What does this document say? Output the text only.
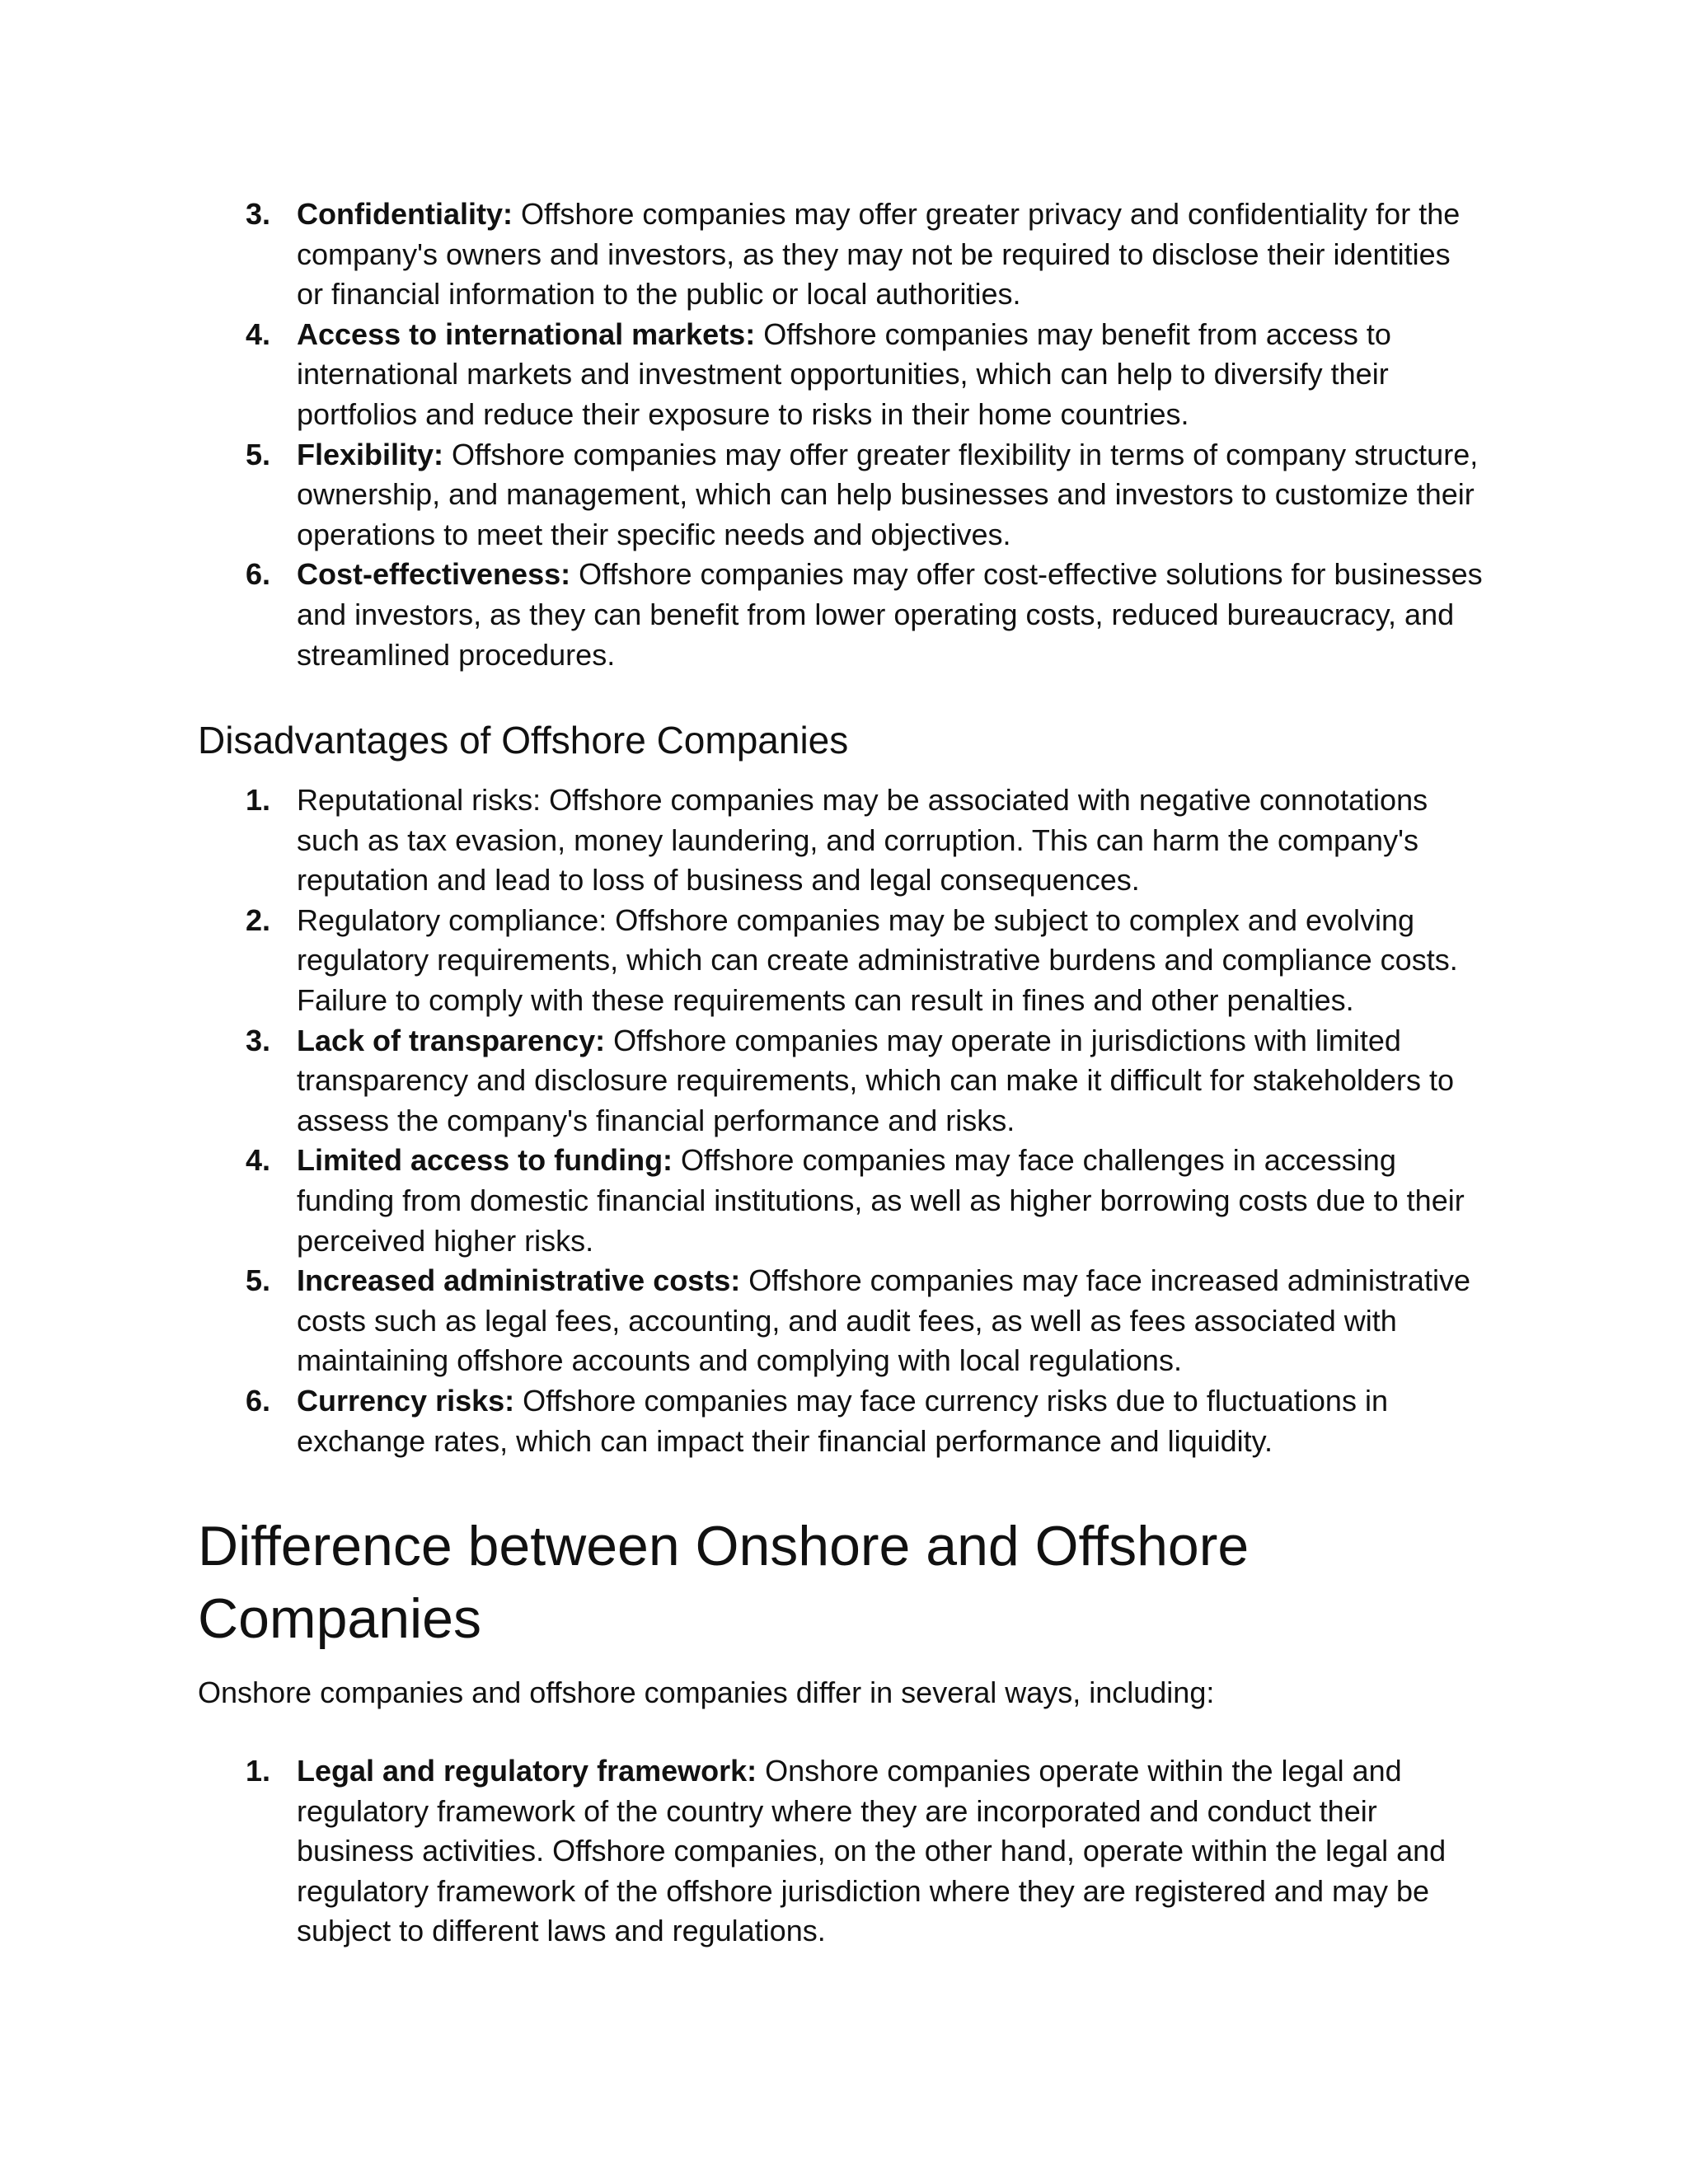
3. Confidentiality: Offshore companies may offer greater privacy and confidentiality for the company's owners and investors, as they may not be required to disclose their identities or financial information to the public or local authorities.
4. Access to international markets: Offshore companies may benefit from access to international markets and investment opportunities, which can help to diversify their portfolios and reduce their exposure to risks in their home countries.
5. Flexibility: Offshore companies may offer greater flexibility in terms of company structure, ownership, and management, which can help businesses and investors to customize their operations to meet their specific needs and objectives.
6. Cost-effectiveness: Offshore companies may offer cost-effective solutions for businesses and investors, as they can benefit from lower operating costs, reduced bureaucracy, and streamlined procedures.
Disadvantages of Offshore Companies
1. Reputational risks: Offshore companies may be associated with negative connotations such as tax evasion, money laundering, and corruption. This can harm the company's reputation and lead to loss of business and legal consequences.
2. Regulatory compliance: Offshore companies may be subject to complex and evolving regulatory requirements, which can create administrative burdens and compliance costs. Failure to comply with these requirements can result in fines and other penalties.
3. Lack of transparency: Offshore companies may operate in jurisdictions with limited transparency and disclosure requirements, which can make it difficult for stakeholders to assess the company's financial performance and risks.
4. Limited access to funding: Offshore companies may face challenges in accessing funding from domestic financial institutions, as well as higher borrowing costs due to their perceived higher risks.
5. Increased administrative costs: Offshore companies may face increased administrative costs such as legal fees, accounting, and audit fees, as well as fees associated with maintaining offshore accounts and complying with local regulations.
6. Currency risks: Offshore companies may face currency risks due to fluctuations in exchange rates, which can impact their financial performance and liquidity.
Difference between Onshore and Offshore Companies

Onshore companies and offshore companies differ in several ways, including:

1. Legal and regulatory framework: Onshore companies operate within the legal and regulatory framework of the country where they are incorporated and conduct their business activities. Offshore companies, on the other hand, operate within the legal and regulatory framework of the offshore jurisdiction where they are registered and may be subject to different laws and regulations.
